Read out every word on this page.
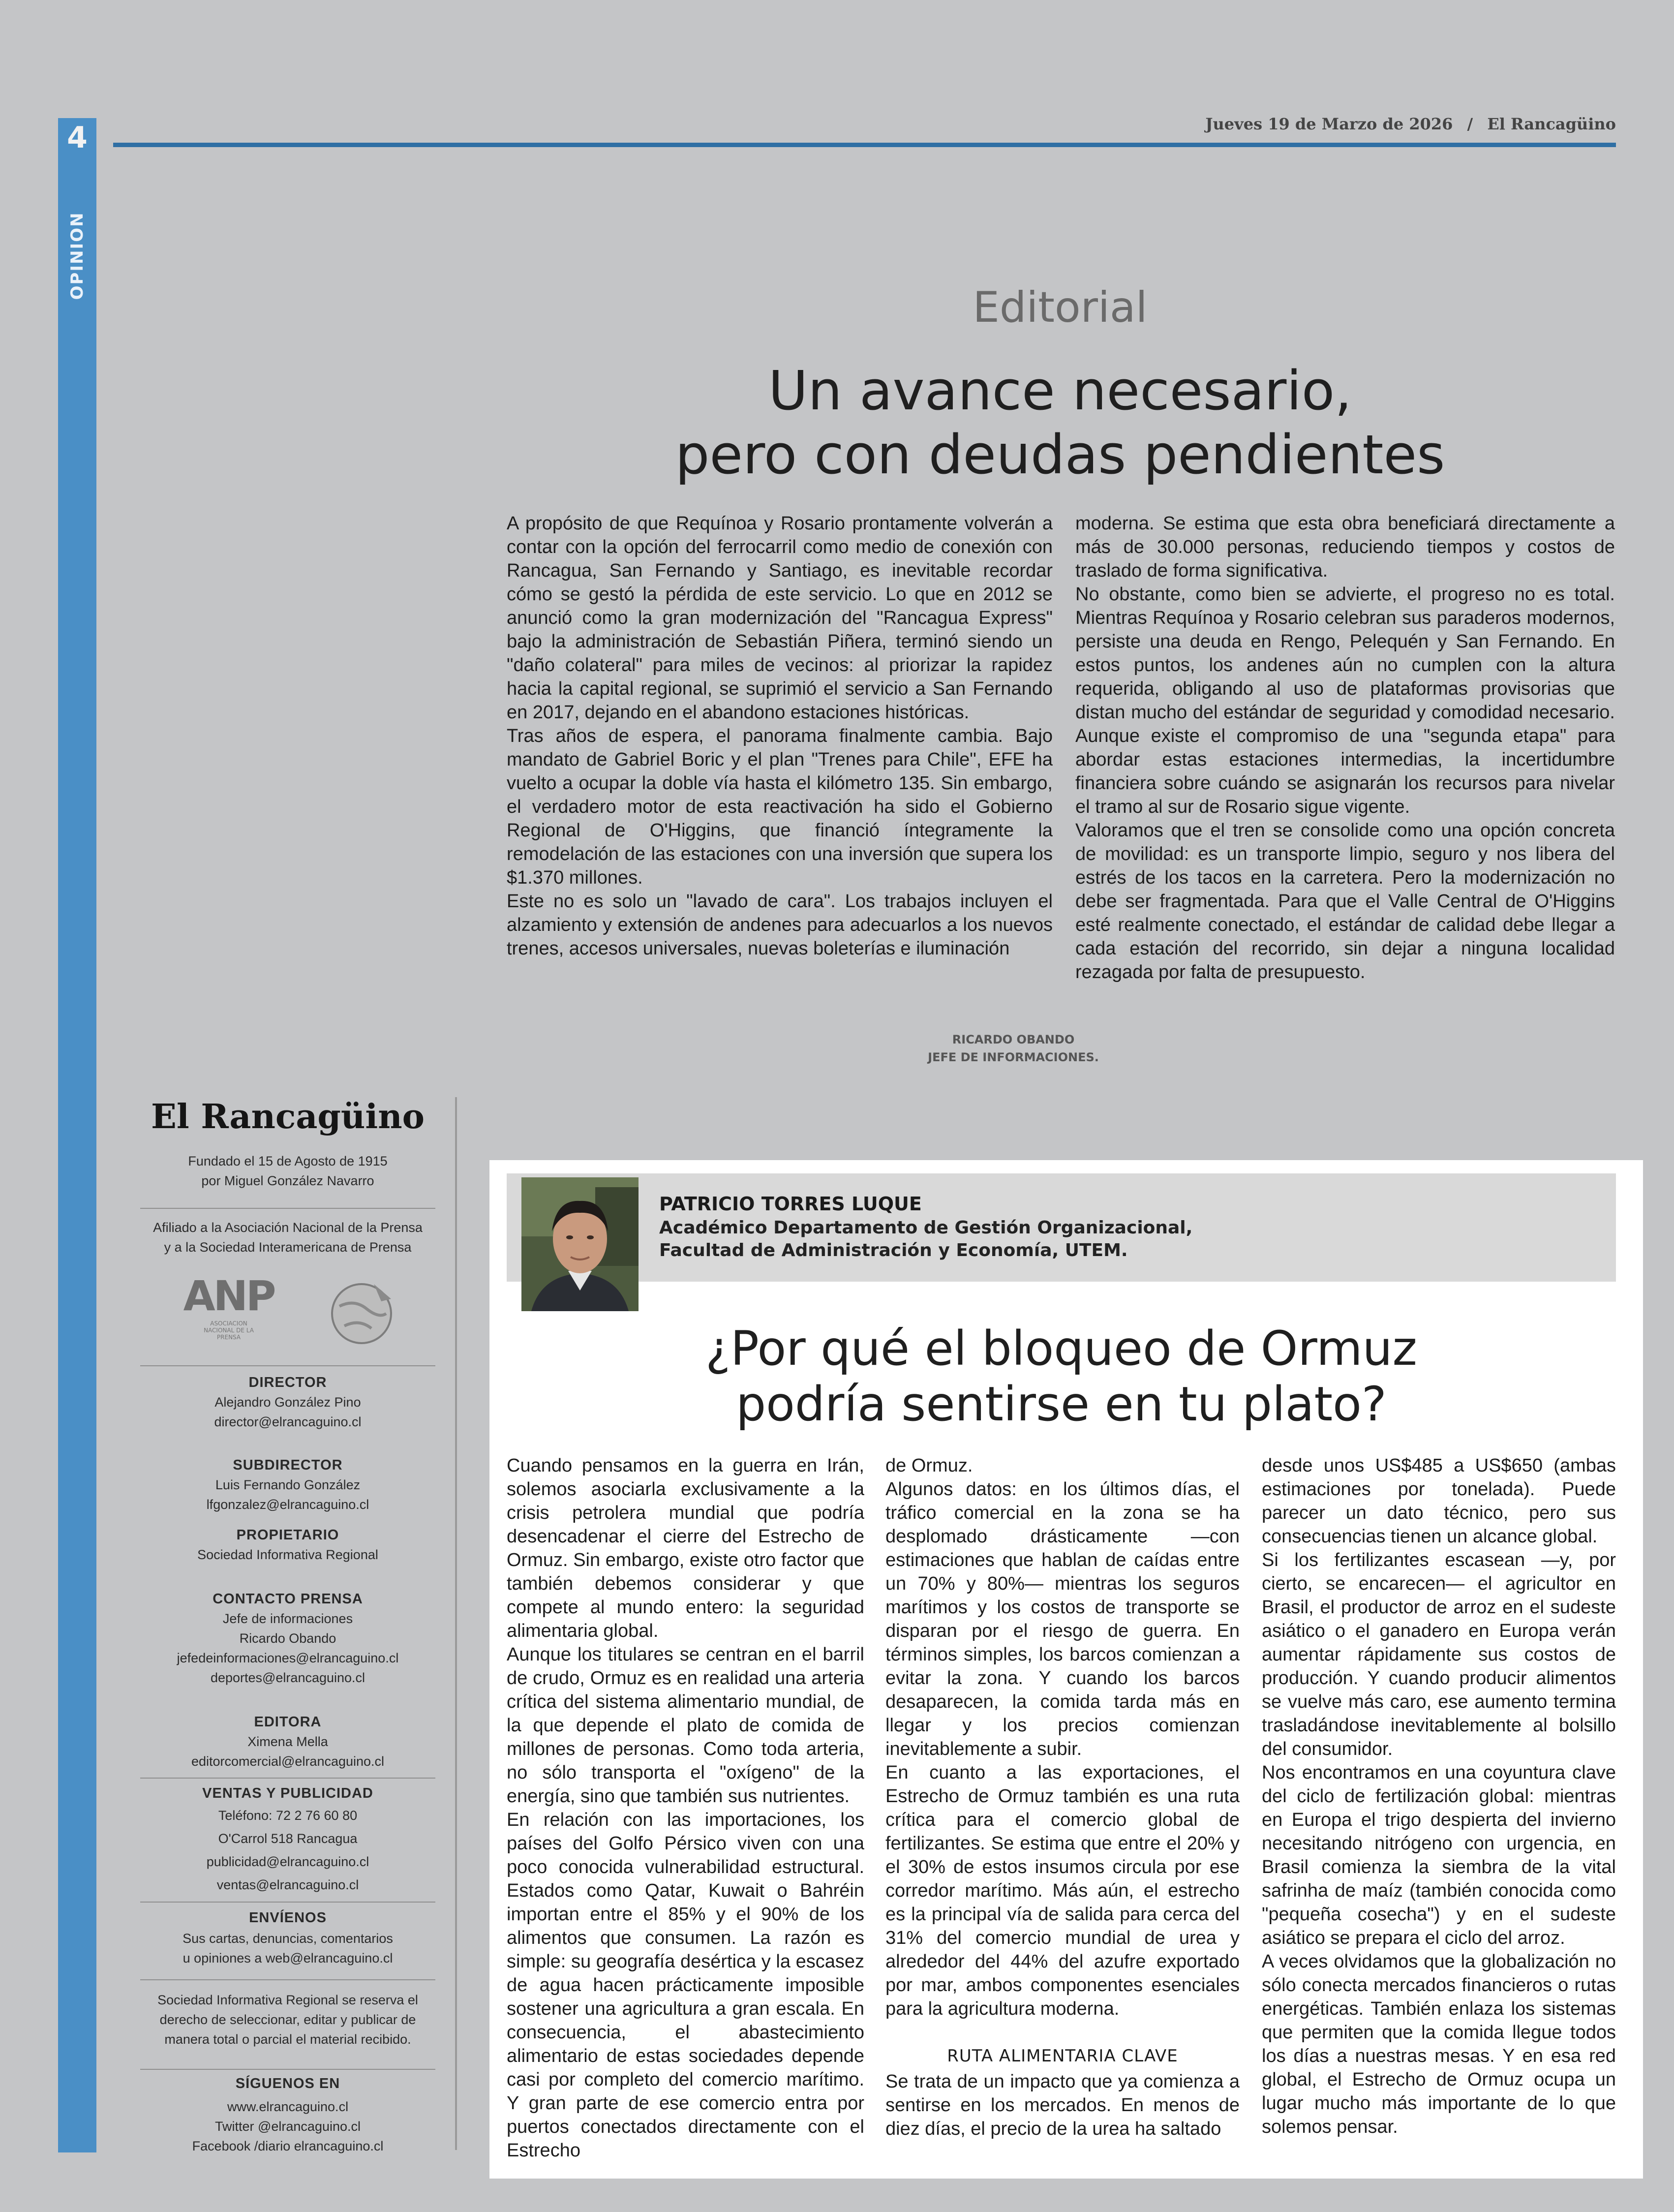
4
OPINION
Jueves 19 de Marzo de 2026 / El Rancagüino
Editorial
Un avance necesario,
pero con deudas pendientes

A propósito de que Requínoa y Rosario prontamente volverán a contar con la opción del ferrocarril como medio de conexión con Rancagua, San Fernando y Santiago, es inevitable recordar cómo se gestó la pérdida de este servicio. Lo que en 2012 se anunció como la gran modernización del "Rancagua Express" bajo la administración de Sebastián Piñera, terminó siendo un "daño colateral" para miles de vecinos: al priorizar la rapidez hacia la capital regional, se suprimió el servicio a San Fernando en 2017, dejando en el abandono estaciones históricas.

Tras años de espera, el panorama finalmente cambia. Bajo mandato de Gabriel Boric y el plan "Trenes para Chile", EFE ha vuelto a ocupar la doble vía hasta el kilómetro 135. Sin embargo, el verdadero motor de esta reactivación ha sido el Gobierno Regional de O'Higgins, que financió íntegramente la remodelación de las estaciones con una inversión que supera los $1.370 millones.

Este no es solo un "lavado de cara". Los trabajos incluyen el alzamiento y extensión de andenes para adecuarlos a los nuevos trenes, accesos universales, nuevas boleterías e iluminación

moderna. Se estima que esta obra beneficiará directamente a más de 30.000 personas, reduciendo tiempos y costos de traslado de forma significativa.

No obstante, como bien se advierte, el progreso no es total. Mientras Requínoa y Rosario celebran sus paraderos modernos, persiste una deuda en Rengo, Pelequén y San Fernando. En estos puntos, los andenes aún no cumplen con la altura requerida, obligando al uso de plataformas provisorias que distan mucho del estándar de seguridad y comodidad necesario. Aunque existe el compromiso de una "segunda etapa" para abordar estas estaciones intermedias, la incertidumbre financiera sobre cuándo se asignarán los recursos para nivelar el tramo al sur de Rosario sigue vigente.

Valoramos que el tren se consolide como una opción concreta de movilidad: es un transporte limpio, seguro y nos libera del estrés de los tacos en la carretera. Pero la modernización no debe ser fragmentada. Para que el Valle Central de O'Higgins esté realmente conectado, el estándar de calidad debe llegar a cada estación del recorrido, sin dejar a ninguna localidad rezagada por falta de presupuesto.

RICARDO OBANDO
JEFE DE INFORMACIONES.
El Rancagüino
Fundado el 15 de Agosto de 1915
por Miguel González Navarro
Afiliado a la Asociación Nacional de la Prensa
y a la Sociedad Interamericana de Prensa
ANP
ASOCIACION NACIONAL DE LA PRENSA
DIRECTOR
Alejandro González Pino
director@elrancaguino.cl
SUBDIRECTOR
Luis Fernando González
lfgonzalez@elrancaguino.cl
PROPIETARIO
Sociedad Informativa Regional
CONTACTO PRENSA
Jefe de informaciones
Ricardo Obando
jefedeinformaciones@elrancaguino.cl
deportes@elrancaguino.cl
EDITORA
Ximena Mella
editorcomercial@elrancaguino.cl
VENTAS Y PUBLICIDAD
Teléfono: 72 2 76 60 80
O'Carrol 518 Rancagua
publicidad@elrancaguino.cl
ventas@elrancaguino.cl
ENVÍENOS
Sus cartas, denuncias, comentarios
u opiniones a web@elrancaguino.cl
Sociedad Informativa Regional se reserva el
derecho de seleccionar, editar y publicar de
manera total o parcial el material recibido.
SÍGUENOS EN
www.elrancaguino.cl
Twitter @elrancaguino.cl
Facebook /diario elrancaguino.cl
PATRICIO TORRES LUQUE
Académico Departamento de Gestión Organizacional,
Facultad de Administración y Economía, UTEM.
¿Por qué el bloqueo de Ormuz
podría sentirse en tu plato?

Cuando pensamos en la guerra en Irán, solemos asociarla exclusivamente a la crisis petrolera mundial que podría desencadenar el cierre del Estrecho de Ormuz. Sin embargo, existe otro factor que también debemos considerar y que compete al mundo entero: la seguridad alimentaria global.

Aunque los titulares se centran en el barril de crudo, Ormuz es en realidad una arteria crítica del sistema alimentario mundial, de la que depende el plato de comida de millones de personas. Como toda arteria, no sólo transporta el "oxígeno" de la energía, sino que también sus nutrientes.

En relación con las importaciones, los países del Golfo Pérsico viven con una poco conocida vulnerabilidad estructural. Estados como Qatar, Kuwait o Bahréin importan entre el 85% y el 90% de los alimentos que consumen. La razón es simple: su geografía desértica y la escasez de agua hacen prácticamente imposible sostener una agricultura a gran escala. En consecuencia, el abastecimiento alimentario de estas sociedades depende casi por completo del comercio marítimo. Y gran parte de ese comercio entra por puertos conectados directamente con el Estrecho

de Ormuz.

Algunos datos: en los últimos días, el tráfico comercial en la zona se ha desplomado drásticamente —con estimaciones que hablan de caídas entre un 70% y 80%— mientras los seguros marítimos y los costos de transporte se disparan por el riesgo de guerra. En términos simples, los barcos comienzan a evitar la zona. Y cuando los barcos desaparecen, la comida tarda más en llegar y los precios comienzan inevitablemente a subir.

En cuanto a las exportaciones, el Estrecho de Ormuz también es una ruta crítica para el comercio global de fertilizantes. Se estima que entre el 20% y el 30% de estos insumos circula por ese corredor marítimo. Más aún, el estrecho es la principal vía de salida para cerca del 31% del comercio mundial de urea y alrededor del 44% del azufre exportado por mar, ambos componentes esenciales para la agricultura moderna.

RUTA ALIMENTARIA CLAVE

Se trata de un impacto que ya comienza a sentirse en los mercados. En menos de diez días, el precio de la urea ha saltado

desde unos US$485 a US$650 (ambas estimaciones por tonelada). Puede parecer un dato técnico, pero sus consecuencias tienen un alcance global.

Si los fertilizantes escasean —y, por cierto, se encarecen— el agricultor en Brasil, el productor de arroz en el sudeste asiático o el ganadero en Europa verán aumentar rápidamente sus costos de producción. Y cuando producir alimentos se vuelve más caro, ese aumento termina trasladándose inevitablemente al bolsillo del consumidor.

Nos encontramos en una coyuntura clave del ciclo de fertilización global: mientras en Europa el trigo despierta del invierno necesitando nitrógeno con urgencia, en Brasil comienza la siembra de la vital safrinha de maíz (también conocida como "pequeña cosecha") y en el sudeste asiático se prepara el ciclo del arroz.

A veces olvidamos que la globalización no sólo conecta mercados financieros o rutas energéticas. También enlaza los sistemas que permiten que la comida llegue todos los días a nuestras mesas. Y en esa red global, el Estrecho de Ormuz ocupa un lugar mucho más importante de lo que solemos pensar.
